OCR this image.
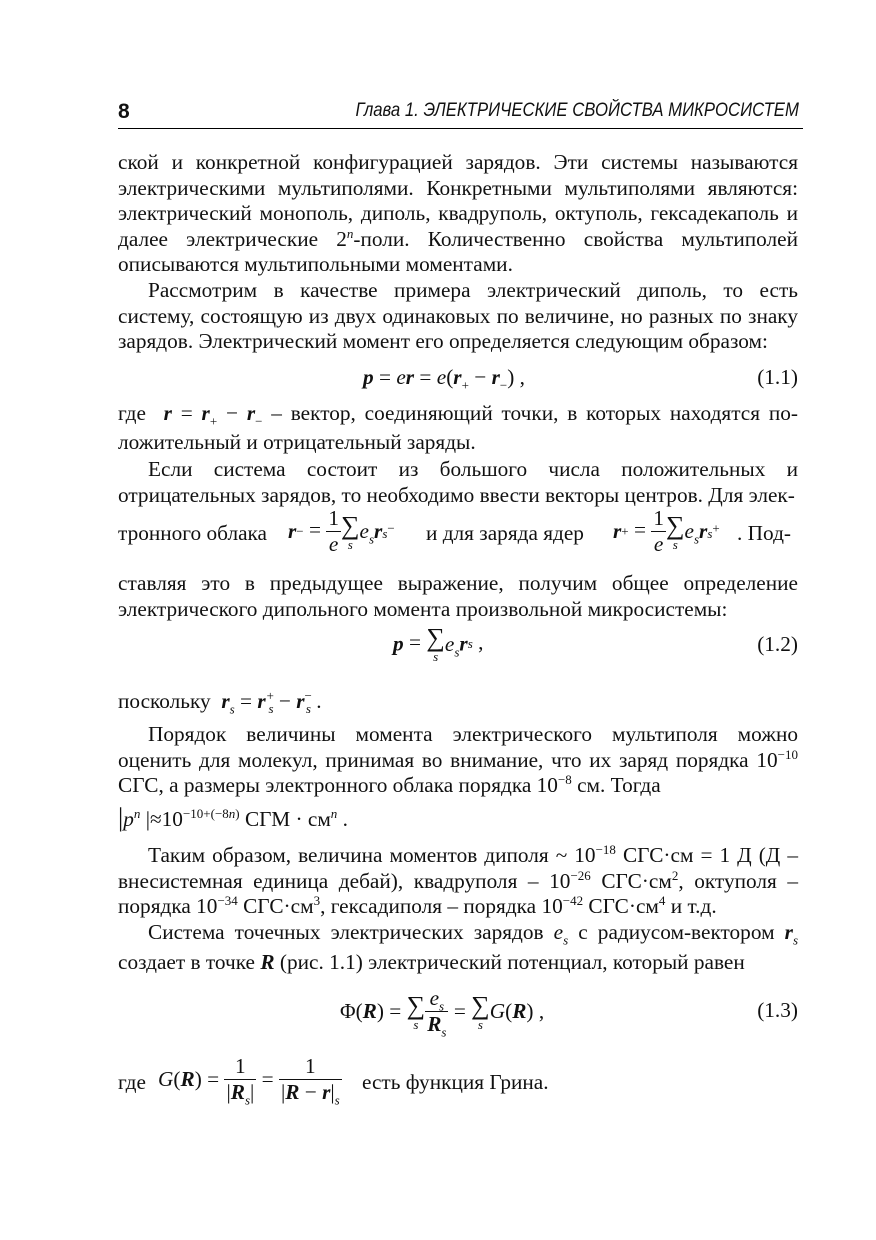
8	Глава 1. ЭЛЕКТРИЧЕСКИЕ СВОЙСТВА МИКРОСИСТЕМ
ской и конкретной конфигурацией зарядов. Эти системы называются электрическими мультиполями. Конкретными мультиполями являются: электрический монополь, диполь, квадруполь, октуполь, гексадекаполь и далее электрические 2$^n$-поли. Количественно свойства мультиполей описываются мультипольными моментами.
Рассмотрим в качестве примера электрический диполь, то есть систему, состоящую из двух одинаковых по величине, но разных по знаку зарядов. Электрический момент его определяется следующим образом:
p = er = $e(r_+ - r_-)$ ,	(1.1)
где $r = r_+ - r_-$ – вектор, соединяющий точки, в которых находятся по-
ложительный и отрицательный заряды.
Если система состоит из большого числа положительных и отрицательных зарядов, то необходимо ввести векторы центров. Для элек-
тронного облака $r- = \frac{1}{e}$ ∑
s
$e_srs^-$ и для заряда ядер $r+ = \frac{1}{e}$ ∑
s
$e_srs^+$ . Под-
ставляя это в предыдущее выражение, получим общее определение электрического дипольного момента произвольной микросистемы:
p = ∑
s
$e_srs$ ,	(1.2)
поскольку $r_s = r^+_s - r^-_s$ .
Порядок величины момента электрического мультиполя можно оценить для молекул, принимая во внимание, что их заряд порядка $10^{-10}$ СГС, а размеры электронного облака порядка $10^{-8}$ см. Тогда
$|p^n$ $|\approx 10^{-10+(-8n)}$ СГМ · $см^n$ .
Таким образом, величина моментов диполя ~ $10^{-18}$ СГС·см = 1 Д (Д – внесистемная единица дебай), квадруполя – $10^{-26}$ $СГС\cdot см^2$, октуполя – порядка $10^{-34}$ $СГС\cdot см^3$, гексадиполя – порядка $10^{-42}$ $СГС\cdot см^4$ и т.д.
Система точечных электрических зарядов $e_s$ с радиусом-вектором $r_s$
создает в точке R (рис. 1.1) электрический потенциал, который равен
Φ(R) = ∑
s $\frac{e_s}{R_s}$ = ∑
s
G(R) ,	(1.3)
где $G(R) = \frac{1}{|R_s|} = \frac{1}{|R - r|_s}$ есть функция Грина.
